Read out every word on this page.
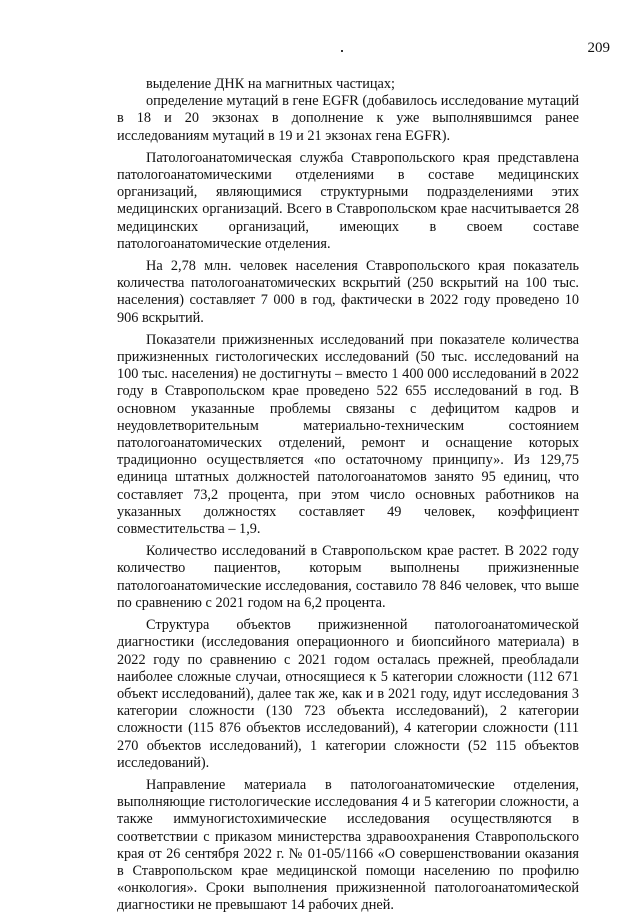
209

выделение ДНК на магнитных частицах;

определение мутаций в гене EGFR (добавилось исследование мутаций в 18 и 20 экзонах в дополнение к уже выполнявшимся ранее исследованиям мутаций в 19 и 21 экзонах гена EGFR).

Патологоанатомическая служба Ставропольского края представлена патологоанатомическими отделениями в составе медицинских организаций, являющимися структурными подразделениями этих медицинских организаций. Всего в Ставропольском крае насчитывается 28 медицинских организаций, имеющих в своем составе патологоанатомические отделения.

На 2,78 млн. человек населения Ставропольского края показатель количества патологоанатомических вскрытий (250 вскрытий на 100 тыс. населения) составляет 7 000 в год, фактически в 2022 году проведено 10 906 вскрытий.

Показатели прижизненных исследований при показателе количества прижизненных гистологических исследований (50 тыс. исследований на 100 тыс. населения) не достигнуты – вместо 1 400 000 исследований в 2022 году в Ставропольском крае проведено 522 655 исследований в год. В основном указанные проблемы связаны с дефицитом кадров и неудовлетворительным материально-техническим состоянием патологоанатомических отделений, ремонт и оснащение которых традиционно осуществляется «по остаточному принципу». Из 129,75 единица штатных должностей патологоанатомов занято 95 единиц, что составляет 73,2 процента, при этом число основных работников на указанных должностях составляет 49 человек, коэффициент совместительства – 1,9.

Количество исследований в Ставропольском крае растет. В 2022 году количество пациентов, которым выполнены прижизненные патологоанатомические исследования, составило 78 846 человек, что выше по сравнению с 2021 годом на 6,2 процента.

Структура объектов прижизненной патологоанатомической диагностики (исследования операционного и биопсийного материала) в 2022 году по сравнению с 2021 годом осталась прежней, преобладали наиболее сложные случаи, относящиеся к 5 категории сложности (112 671 объект исследований), далее так же, как и в 2021 году, идут исследования 3 категории сложности (130 723 объекта исследований), 2 категории сложности (115 876 объектов исследований), 4 категории сложности (111 270 объектов исследований), 1 категории сложности (52 115 объектов исследований).

Направление материала в патологоанатомические отделения, выполняющие гистологические исследования 4 и 5 категории сложности, а также иммуногистохимические исследования осуществляются в соответствии с приказом министерства здравоохранения Ставропольского края от 26 сентября 2022 г. № 01-05/1166 «О совершенствовании оказания в Ставропольском крае медицинской помощи населению по профилю «онкология». Сроки выполнения прижизненной патологоанатомической диагностики не превышают 14 рабочих дней.
